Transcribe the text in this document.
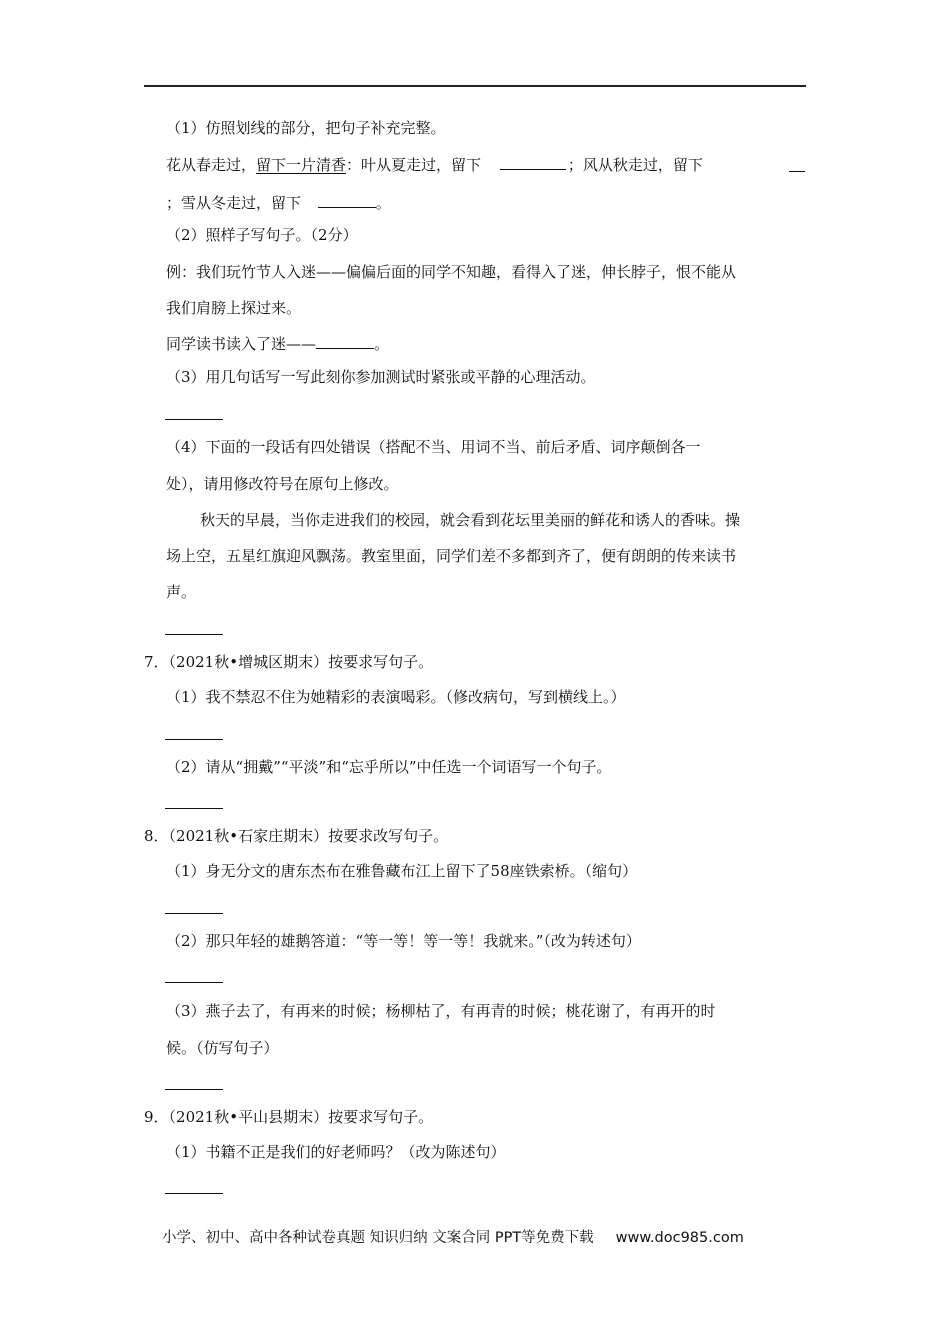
（1）仿照划线的部分，把句子补充完整。
花从春走过，留下一片清香：叶从夏走过，留下	；风从秋走过，留下
；雪从冬走过，留下	。
（2）照样子写句子。（2分）
例：我们玩竹节人入迷——偏偏后面的同学不知趣，看得入了迷，伸长脖子，恨不能从
我们肩膀上探过来。
同学读书读入了迷——	。
（3）用几句话写一写此刻你参加测试时紧张或平静的心理活动。
（4）下面的一段话有四处错误（搭配不当、用词不当、前后矛盾、词序颠倒各一
处），请用修改符号在原句上修改。
秋天的早晨，当你走进我们的校园，就会看到花坛里美丽的鲜花和诱人的香味。操
场上空，五星红旗迎风飘荡。教室里面，同学们差不多都到齐了，便有朗朗的传来读书
声。
7．（2021秋•增城区期末）按要求写句子。
（1）我不禁忍不住为她精彩的表演喝彩。（修改病句，写到横线上。）
（2）请从“拥戴”“平淡”和“忘乎所以”中任选一个词语写一个句子。
8．（2021秋•石家庄期末）按要求改写句子。
（1）身无分文的唐东杰布在雅鲁藏布江上留下了58座铁索桥。（缩句）
（2）那只年轻的雄鹅答道：“等一等！等一等！我就来。”（改为转述句）
（3）燕子去了，有再来的时候；杨柳枯了，有再青的时候；桃花谢了，有再开的时
候。（仿写句子）
9．（2021秋•平山县期末）按要求写句子。
（1）书籍不正是我们的好老师吗？（改为陈述句）
小学、初中、高中各种试卷真题 知识归纳 文案合同 PPT等免费下载 www.doc985.com
